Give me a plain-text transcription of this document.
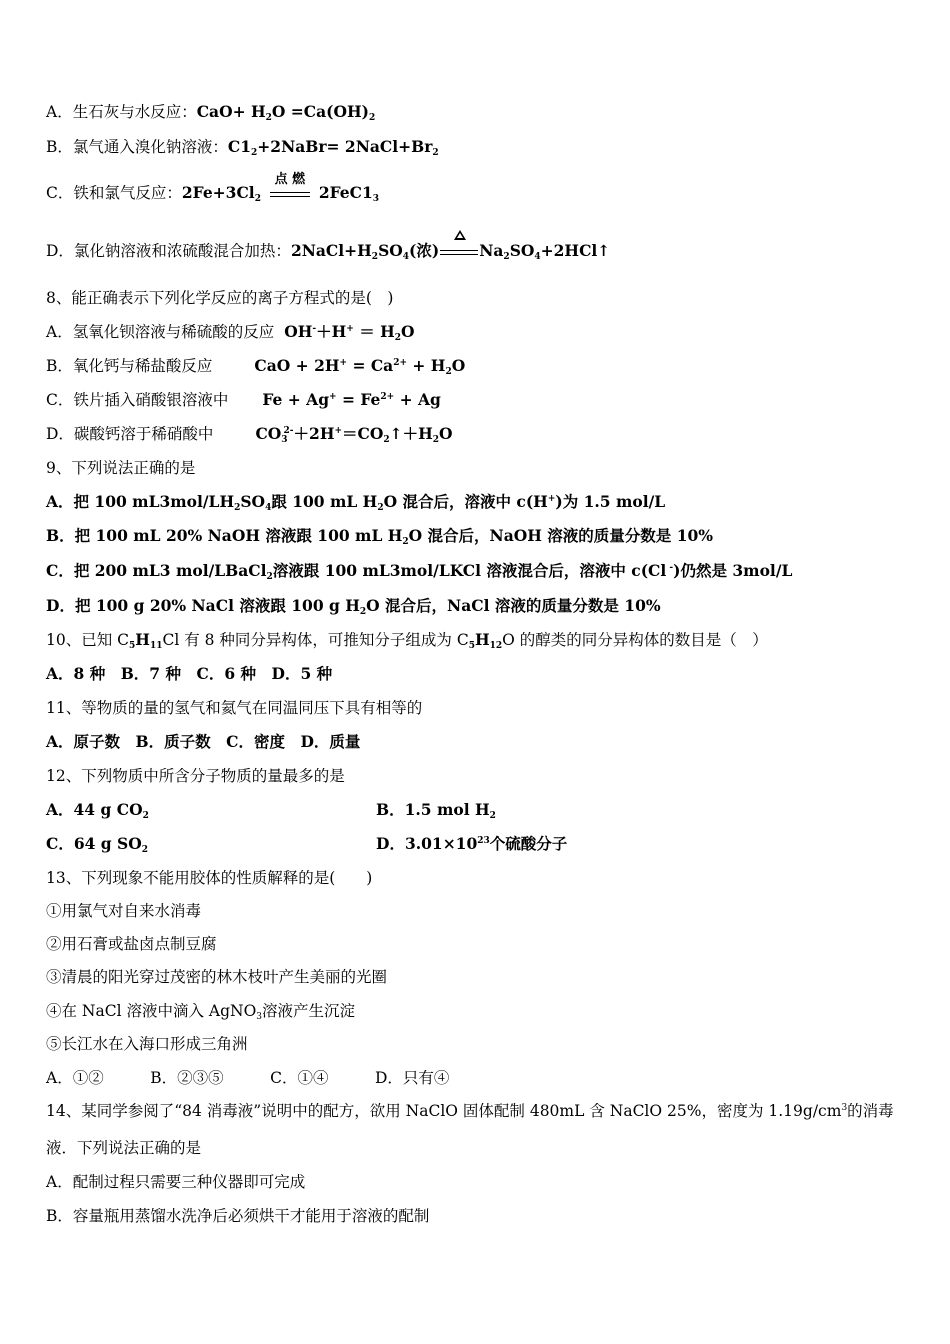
A．生石灰与水反应：$CaO+ H_2O =Ca(OH)_2$
B．氯气通入溴化钠溶液：$C1_2+2NaBr=$ $2NaCl+Br_2$
C．铁和氯气反应：$2Fe+3Cl_2$
点 燃
$2FeC1_3$
D．氯化钠溶液和浓硫酸混合加热：$2NaCl+H_2SO_4$(浓)	$Na_2SO_4+2HCl↑$
8、能正确表示下列化学反应的离子方程式的是(　)
A．氢氧化钡溶液与稀硫酸的反应 $OH^-+H^+ = H_2O$
B．氧化钙与稀盐酸反应	CaO + $2H^+ = Ca^{2+} + H_2O$
C．铁片插入硝酸银溶液中 $Fe + Ag^+ = Fe^{2+} + Ag$
D．碳酸钙溶于稀硝酸中	$CO_3^{2-}+2H^+=CO_2↑+H_2O$
9、下列说法正确的是
A．把 100 $mL3mol/LH_2SO_4$跟 100 mL $H_2O$ 混合后，溶液中 c(H+)为 1.5 mol/L
B．把 100 mL 20% NaOH 溶液跟 100 mL $H_2O$ 混合后，NaOH 溶液的质量分数是 10%
C．把 200 mL3 mol/LBaCl$_2$溶液跟 100 mL3mol/LKCl 溶液混合后，溶液中 c(Cl -)仍然是 3mol/L
D．把 100 g 20% NaCl 溶液跟 100 g $H_2O$ 混合后，NaCl 溶液的质量分数是 10%
10、已知 $C_5H_{11}Cl$ 有 8 种同分异构体，可推知分子组成为 $C_5H_{12}O$ 的醇类的同分异构体的数目是（　）
A．8 种　B．7 种　C．6 种　D．5 种
11、等物质的量的氢气和氦气在同温同压下具有相等的
A．原子数　B．质子数　C．密度　D．质量
12、下列物质中所含分子物质的量最多的是
A．44 g $CO_2$	B．1.5 mol $H_2$
C．64 g $SO_2$	D．$3.01\times 10^{23}$个硫酸分子
13、下列现象不能用胶体的性质解释的是(　　)
①用氯气对自来水消毒
②用石膏或盐卤点制豆腐
③清晨的阳光穿过茂密的林木枝叶产生美丽的光圈
④在 NaCl 溶液中滴入 AgNO$_3$溶液产生沉淀
⑤长江水在入海口形成三角洲
A．①②　　　B．②③⑤　　　C．①④　　　D．只有④
14、某同学参阅了“84 消毒液”说明中的配方，欲用 NaClO 固体配制 480mL 含 NaClO 25%，密度为 $1.19g/cm^3$的消毒
液．下列说法正确的是
A．配制过程只需要三种仪器即可完成
B．容量瓶用蒸馏水洗净后必须烘干才能用于溶液的配制
